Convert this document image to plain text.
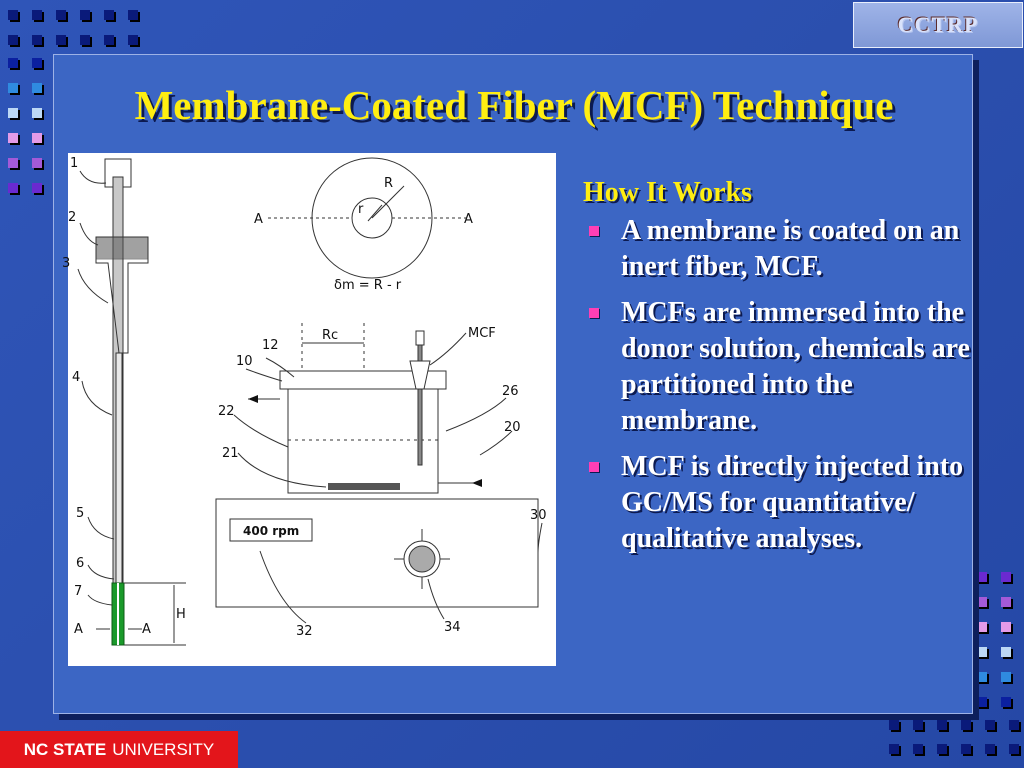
CCTRP
Membrane-Coated Fiber (MCF) Technique
1
2
3
4
5
6
7
A	A
H
A	A
R
r
δm = R - r
12
Rc	MCF
10
26
22
20
21
400 rpm
30
32	34
How It Works
A membrane is coated on an inert fiber, MCF.
MCFs are immersed into the donor solution, chemicals are partitioned into the membrane.
MCF is directly injected into GC/MS for quantitative/ qualitative analyses.
NC STATE UNIVERSITY
